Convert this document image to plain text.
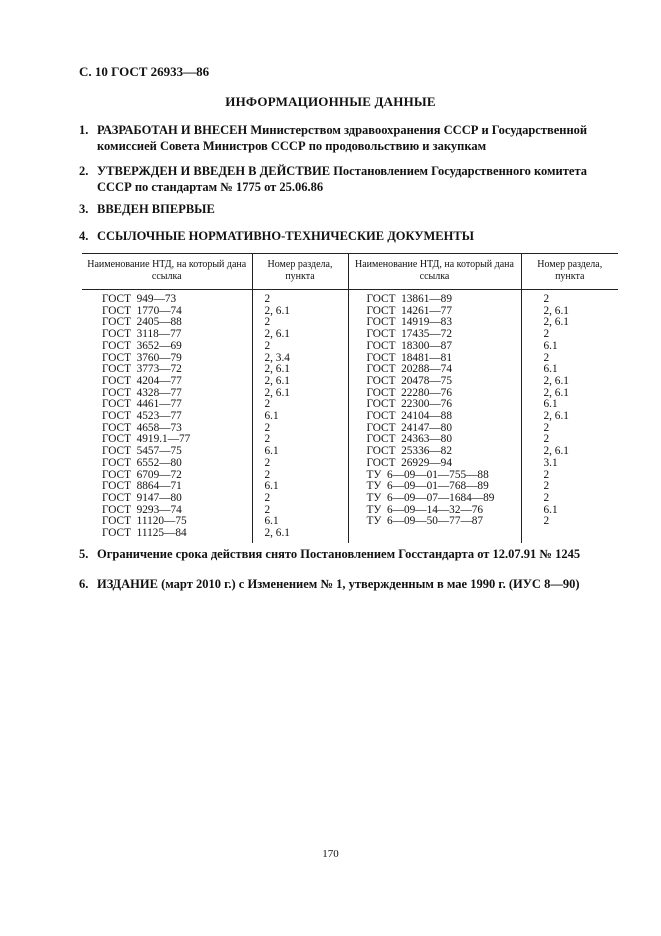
С. 10 ГОСТ 26933—86
ИНФОРМАЦИОННЫЕ ДАННЫЕ
1. РАЗРАБОТАН И ВНЕСЕН Министерством здравоохранения СССР и Государственной комиссией Совета Министров СССР по продовольствию и закупкам
2. УТВЕРЖДЕН И ВВЕДЕН В ДЕЙСТВИЕ Постановлением Государственного комитета СССР по стандартам № 1775 от 25.06.86
3. ВВЕДЕН ВПЕРВЫЕ
4. ССЫЛОЧНЫЕ НОРМАТИВНО-ТЕХНИЧЕСКИЕ ДОКУМЕНТЫ
Наименование НТД, на который дана ссылка	Номер раздела, пункта	Наименование НТД, на который дана ссылка	Номер раздела, пункта
ГОСТ  949—73	2	ГОСТ  13861—89	2
ГОСТ  1770—74	2, 6.1	ГОСТ  14261—77	2, 6.1
ГОСТ  2405—88	2	ГОСТ  14919—83	2, 6.1
ГОСТ  3118—77	2, 6.1	ГОСТ  17435—72	2
ГОСТ  3652—69	2	ГОСТ  18300—87	6.1
ГОСТ  3760—79	2, 3.4	ГОСТ  18481—81	2
ГОСТ  3773—72	2, 6.1	ГОСТ  20288—74	6.1
ГОСТ  4204—77	2, 6.1	ГОСТ  20478—75	2, 6.1
ГОСТ  4328—77	2, 6.1	ГОСТ  22280—76	2, 6.1
ГОСТ  4461—77	2	ГОСТ  22300—76	6.1
ГОСТ  4523—77	6.1	ГОСТ  24104—88	2, 6.1
ГОСТ  4658—73	2	ГОСТ  24147—80	2
ГОСТ  4919.1—77	2	ГОСТ  24363—80	2
ГОСТ  5457—75	6.1	ГОСТ  25336—82	2, 6.1
ГОСТ  6552—80	2	ГОСТ  26929—94	3.1
ГОСТ  6709—72	2	ТУ  6—09—01—755—88	2
ГОСТ  8864—71	6.1	ТУ  6—09—01—768—89	2
ГОСТ  9147—80	2	ТУ  6—09—07—1684—89	2
ГОСТ  9293—74	2	ТУ  6—09—14—32—76	6.1
ГОСТ  11120—75	6.1	ТУ  6—09—50—77—87	2
ГОСТ  11125—84	2, 6.1		
5. Ограничение срока действия снято Постановлением Госстандарта от 12.07.91 № 1245
6. ИЗДАНИЕ (март 2010 г.) с Изменением № 1, утвержденным в мае 1990 г. (ИУС 8—90)
170
